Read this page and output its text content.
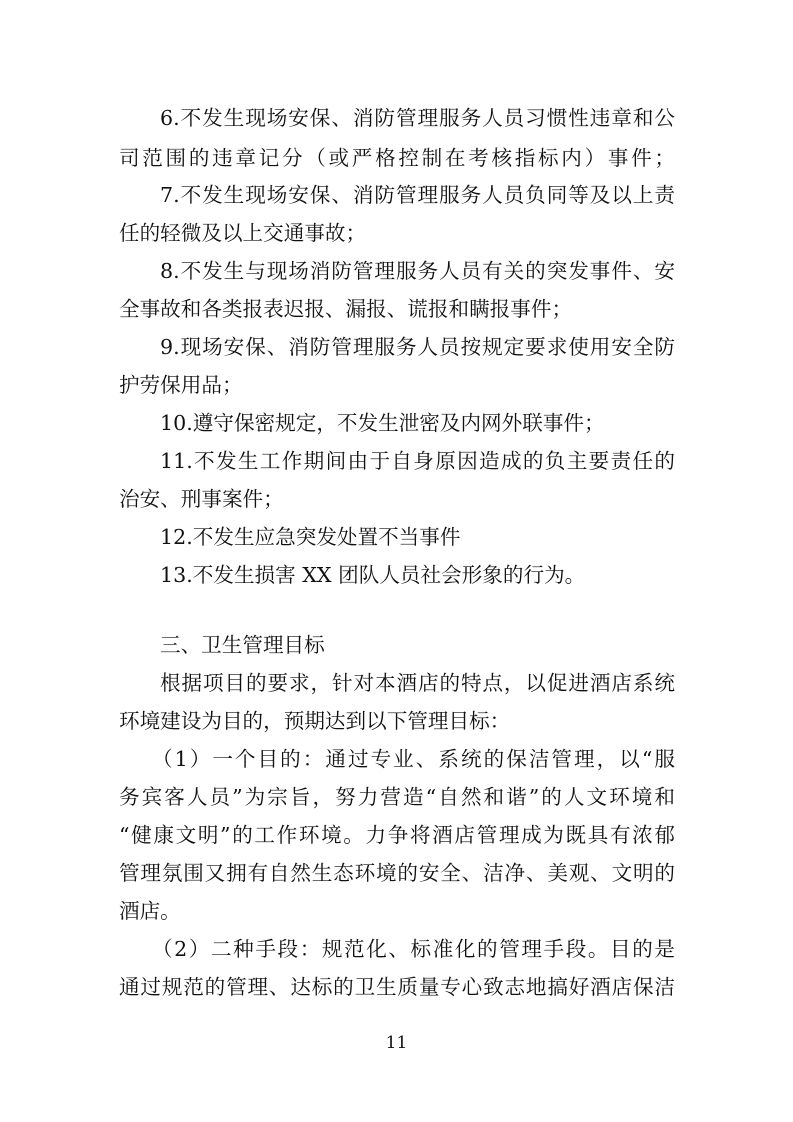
6.不发生现场安保、消防管理服务人员习惯性违章和公
司范围的违章记分（或严格控制在考核指标内）事件；
7.不发生现场安保、消防管理服务人员负同等及以上责
任的轻微及以上交通事故；
8.不发生与现场消防管理服务人员有关的突发事件、安
全事故和各类报表迟报、漏报、谎报和瞒报事件；
9.现场安保、消防管理服务人员按规定要求使用安全防
护劳保用品；
10.遵守保密规定，不发生泄密及内网外联事件；
11.不发生工作期间由于自身原因造成的负主要责任的
治安、刑事案件；
12.不发生应急突发处置不当事件
13.不发生损害 XX 团队人员社会形象的行为。
三、卫生管理目标
根据项目的要求，针对本酒店的特点，以促进酒店系统
环境建设为目的，预期达到以下管理目标：
（1）一个目的：通过专业、系统的保洁管理，以“服
务宾客人员”为宗旨，努力营造“自然和谐”的人文环境和
“健康文明”的工作环境。力争将酒店管理成为既具有浓郁
管理氛围又拥有自然生态环境的安全、洁净、美观、文明的
酒店。
（2）二种手段：规范化、标准化的管理手段。目的是
通过规范的管理、达标的卫生质量专心致志地搞好酒店保洁
11
